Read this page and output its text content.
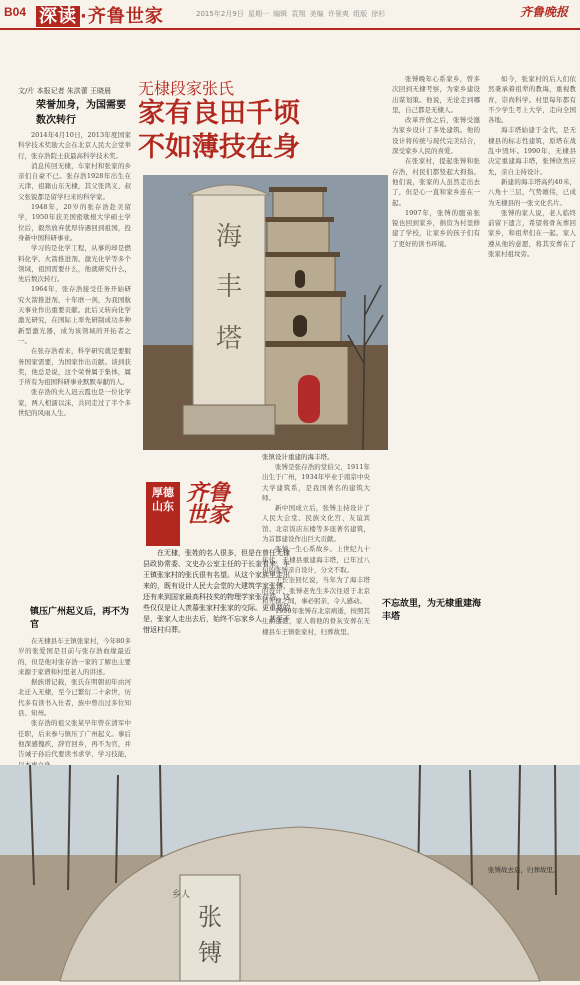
B04 深读 ·齐鲁世家	2015年2月9日 星期一 编辑 袁翔 美编 许景爽 组版 徐杉	齐鲁晚报
文/片 本报记者 朱洪蕾 王晓晨
荣誉加身，为国需要数次转行

2014年4月10日，2013年度国家科学技术奖励大会在北京人民大会堂举行，张存浩院士获最高科学技术奖。

消息传回无棣，车家村和张家的乡亲们自豪不已。张存浩1928年出生在天津，祖籍山东无棣，其父张鸿义、叔父张锐都是留学归来的科学家。

1948年，20岁的张存浩赴美留学，1950年获美国密歇根大学硕士学位后，毅然放弃优厚待遇回到祖国，投身新中国科研事业。

学习的是化学工程，从事的却是燃料化学、火箭推进剂、激光化学等多个领域，祖国需要什么，他就研究什么，先后数次转行。

1964年，张存浩接受任务开始研究火箭推进剂，十年磨一剑，为我国航天事业作出重要贡献。此后又转向化学激光研究，在国际上率先研制成功多种新型激光器，成为该领域的开拓者之一。

在张存浩看来，科学研究就是要服务国家需要，为国家作出贡献。谈到获奖，他总是说，这个荣誉属于集体，属于所有为祖国科研事业默默奉献的人。

张存浩的夫人迟云霞也是一位化学家，两人相濡以沫，共同走过了半个多世纪的风雨人生。

镇压广州起义后，再不为官

在无棣县车王镇张家村，今年80多岁的张爱国是目前与张存浩血缘最近的，但是他对张存浩一家的了解也主要来源于家谱和村里老人的讲述。

据族谱记载，张氏在明朝初年由河北迁入无棣，至今已繁衍二十余世，历代多有读书入仕者，族中曾出过多位知县、知州。

张存浩的祖父张某早年曾在清军中任职，后来参与镇压了广州起义。事后他深感愧疚，辞官回乡，再不为官，并告诫子孙后代要读书求学、学习技能，

无棣段家张氏
家有良田千顷
不如薄技在身
海
丰
塔
张镇设计重建的海丰塔。
厚德山东
齐鲁世家
在无棣，张姓的名人很多，但是在曾任无棣县政协常委、文史办公室主任的于长奎看来，车王镇张家村的张氏很有名望。从这个家族里走出来的，既有设计人民大会堂的大建筑学家张镈，还有来到国家最高科技奖的物理学家张存浩，这些仅仅是让人羡慕张家村张家的交际。更重要的是，张家人走出去后，始终不忘家乡人，甚至不惜返村归葬。

张镈是张存浩的堂伯父，1911年出生于广州，1934年毕业于南京中央大学建筑系，是我国著名的建筑大师。

新中国成立后，张镈主持设计了人民大会堂、民族文化宫、友谊宾馆、北京饭店东楼等多座著名建筑，为首都建设作出巨大贡献。

张镈一生心系故乡。上世纪九十年代，无棣县重建海丰塔，已年过八旬的张镈亲自设计，分文不取。

于长奎回忆说，当年为了海丰塔的设计，张镈老先生多次往返于北京和无棣之间，事必躬亲，令人感动。

1999年张镈在北京病逝，按照其生前遗愿，家人将他的骨灰安葬在无棣县车王镇张家村，归葬故里。

张镈晚年心系家乡，曾多次回到无棣考察，为家乡建设出谋划策。他说，无论走到哪里，自己都是无棣人。

改革开放之后，张镈受邀为家乡设计了多处建筑。他的设计将传统与现代完美结合，深受家乡人民的喜爱。

在张家村，提起张镈和张存浩，村民们都竖起大拇指。他们说，张家的人虽然走出去了，但是心一直和家乡连在一起。

1997年，张镈的胞弟张锐也回到家乡，捐资为村里修建了学校，让家乡的孩子们有了更好的读书环境。

如今，张家村的后人们依然秉承着祖辈的教诲，重视教育，崇尚科学。村里每年都有不少学生考上大学，走向全国各地。

海丰塔始建于金代，是无棣县的标志性建筑，原塔在战乱中毁坏。1990年，无棣县决定重建海丰塔，张镈欣然应允，亲自主持设计。

新建的海丰塔高约40米，八角十三层，气势雄伟，已成为无棣县的一张文化名片。

张镈的家人说，老人临终前留下遗言，希望将骨灰葬回家乡，和祖辈们在一起。家人遵从他的意愿，将其安葬在了张家村祖坟旁。

不忘故里，为无棣重建海丰塔
张
镈
乡人
张镈故去后，归葬故里。
